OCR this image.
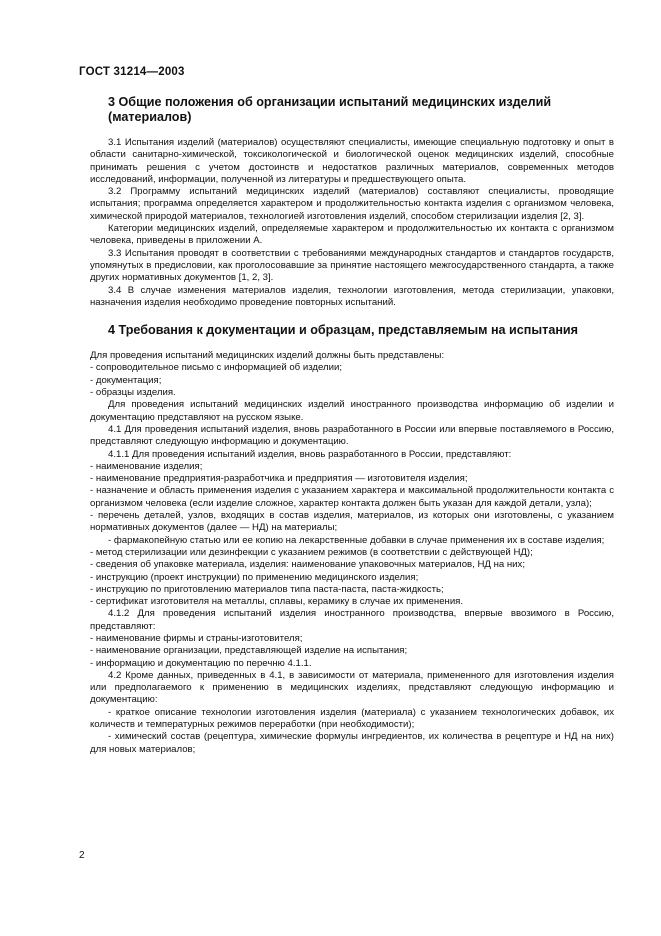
ГОСТ 31214—2003
3 Общие положения об организации испытаний медицинских изделий (материалов)

3.1 Испытания изделий (материалов) осуществляют специалисты, имеющие специальную подготовку и опыт в области санитарно-химической, токсикологической и биологической оценок медицинских изделий, способные принимать решения с учетом достоинств и недостатков различных материалов, современных методов исследований, информации, полученной из литературы и предшествующего опыта.

3.2 Программу испытаний медицинских изделий (материалов) составляют специалисты, проводящие испытания; программа определяется характером и продолжительностью контакта изделия с организмом человека, химической природой материалов, технологией изготовления изделий, способом стерилизации изделия [2, 3].

Категории медицинских изделий, определяемые характером и продолжительностью их контакта с организмом человека, приведены в приложении А.

3.3 Испытания проводят в соответствии с требованиями международных стандартов и стандартов государств, упомянутых в предисловии, как проголосовавшие за принятие настоящего межгосударственного стандарта, а также других нормативных документов [1, 2, 3].

3.4 В случае изменения материалов изделия, технологии изготовления, метода стерилизации, упаковки, назначения изделия необходимо проведение повторных испытаний.

4 Требования к документации и образцам, представляемым на испытания

Для проведения испытаний медицинских изделий должны быть представлены:

- сопроводительное письмо с информацией об изделии;

- документация;

- образцы изделия.

Для проведения испытаний медицинских изделий иностранного производства информацию об изделии и документацию представляют на русском языке.

4.1 Для проведения испытаний изделия, вновь разработанного в России или впервые поставляемого в Россию, представляют следующую информацию и документацию.

4.1.1 Для проведения испытаний изделия, вновь разработанного в России, представляют:

- наименование изделия;

- наименование предприятия-разработчика и предприятия — изготовителя изделия;

- назначение и область применения изделия с указанием характера и максимальной продолжительности контакта с организмом человека (если изделие сложное, характер контакта должен быть указан для каждой детали, узла);

- перечень деталей, узлов, входящих в состав изделия, материалов, из которых они изготовлены, с указанием нормативных документов (далее — НД) на материалы;

- фармакопейную статью или ее копию на лекарственные добавки в случае применения их в составе изделия;

- метод стерилизации или дезинфекции с указанием режимов (в соответствии с действующей НД);

- сведения об упаковке материала, изделия: наименование упаковочных материалов, НД на них;

- инструкцию (проект инструкции) по применению медицинского изделия;

- инструкцию по приготовлению материалов типа паста-паста, паста-жидкость;

- сертификат изготовителя на металлы, сплавы, керамику в случае их применения.

4.1.2 Для проведения испытаний изделия иностранного производства, впервые ввозимого в Россию, представляют:

- наименование фирмы и страны-изготовителя;

- наименование организации, представляющей изделие на испытания;

- информацию и документацию по перечню 4.1.1.

4.2 Кроме данных, приведенных в 4.1, в зависимости от материала, примененного для изготовления изделия или предполагаемого к применению в медицинских изделиях, представляют следующую информацию и документацию:

- краткое описание технологии изготовления изделия (материала) с указанием технологических добавок, их количеств и температурных режимов переработки (при необходимости);

- химический состав (рецептура, химические формулы ингредиентов, их количества в рецептуре и НД на них) для новых материалов;

2
